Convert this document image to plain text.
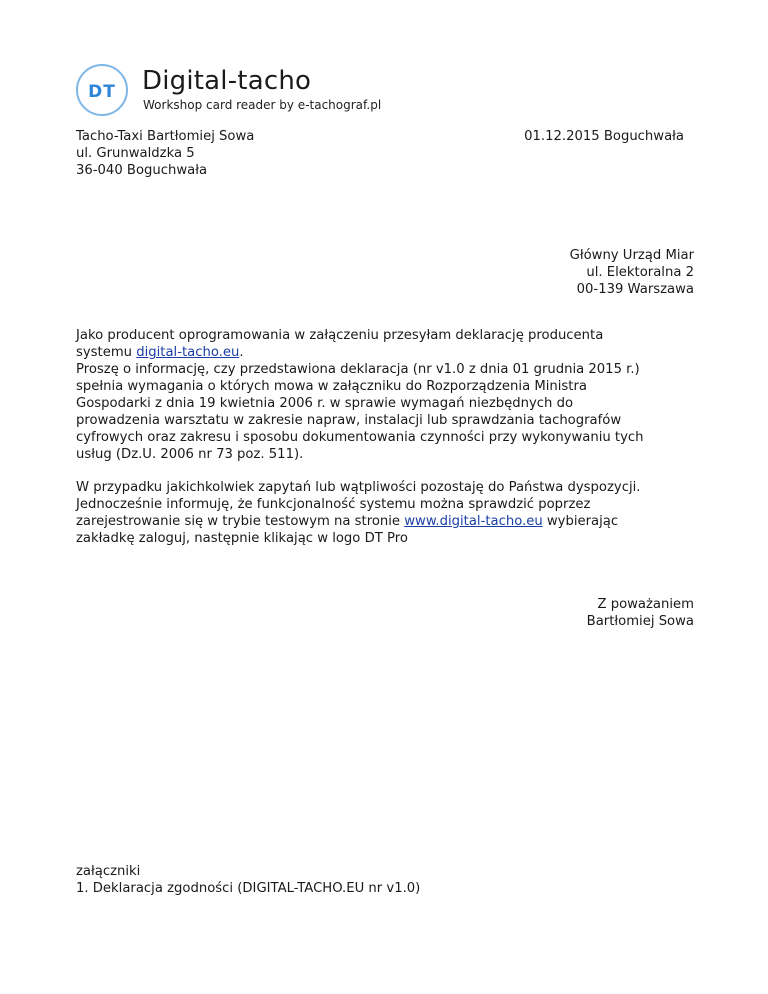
DT Digital-tacho
Workshop card reader by e-tachograf.pl
Tacho-Taxi Bartłomiej Sowa
ul. Grunwaldzka 5
36-040 Boguchwała
01.12.2015 Boguchwała
Główny Urząd Miar
ul. Elektoralna 2
00-139 Warszawa
Jako producent oprogramowania w załączeniu przesyłam deklarację producenta
systemu digital-tacho.eu.
Proszę o informację, czy przedstawiona deklaracja (nr v1.0 z dnia 01 grudnia 2015 r.)
spełnia wymagania o których mowa w załączniku do Rozporządzenia Ministra
Gospodarki z dnia 19 kwietnia 2006 r. w sprawie wymagań niezbędnych do
prowadzenia warsztatu w zakresie napraw, instalacji lub sprawdzania tachografów
cyfrowych oraz zakresu i sposobu dokumentowania czynności przy wykonywaniu tych
usług (Dz.U. 2006 nr 73 poz. 511).
W przypadku jakichkolwiek zapytań lub wątpliwości pozostaję do Państwa dyspozycji.
Jednocześnie informuję, że funkcjonalność systemu można sprawdzić poprzez
zarejestrowanie się w trybie testowym na stronie www.digital-tacho.eu wybierając
zakładkę zaloguj, następnie klikając w logo DT Pro
Z poważaniem
Bartłomiej Sowa
załączniki
1. Deklaracja zgodności (DIGITAL-TACHO.EU nr v1.0)
